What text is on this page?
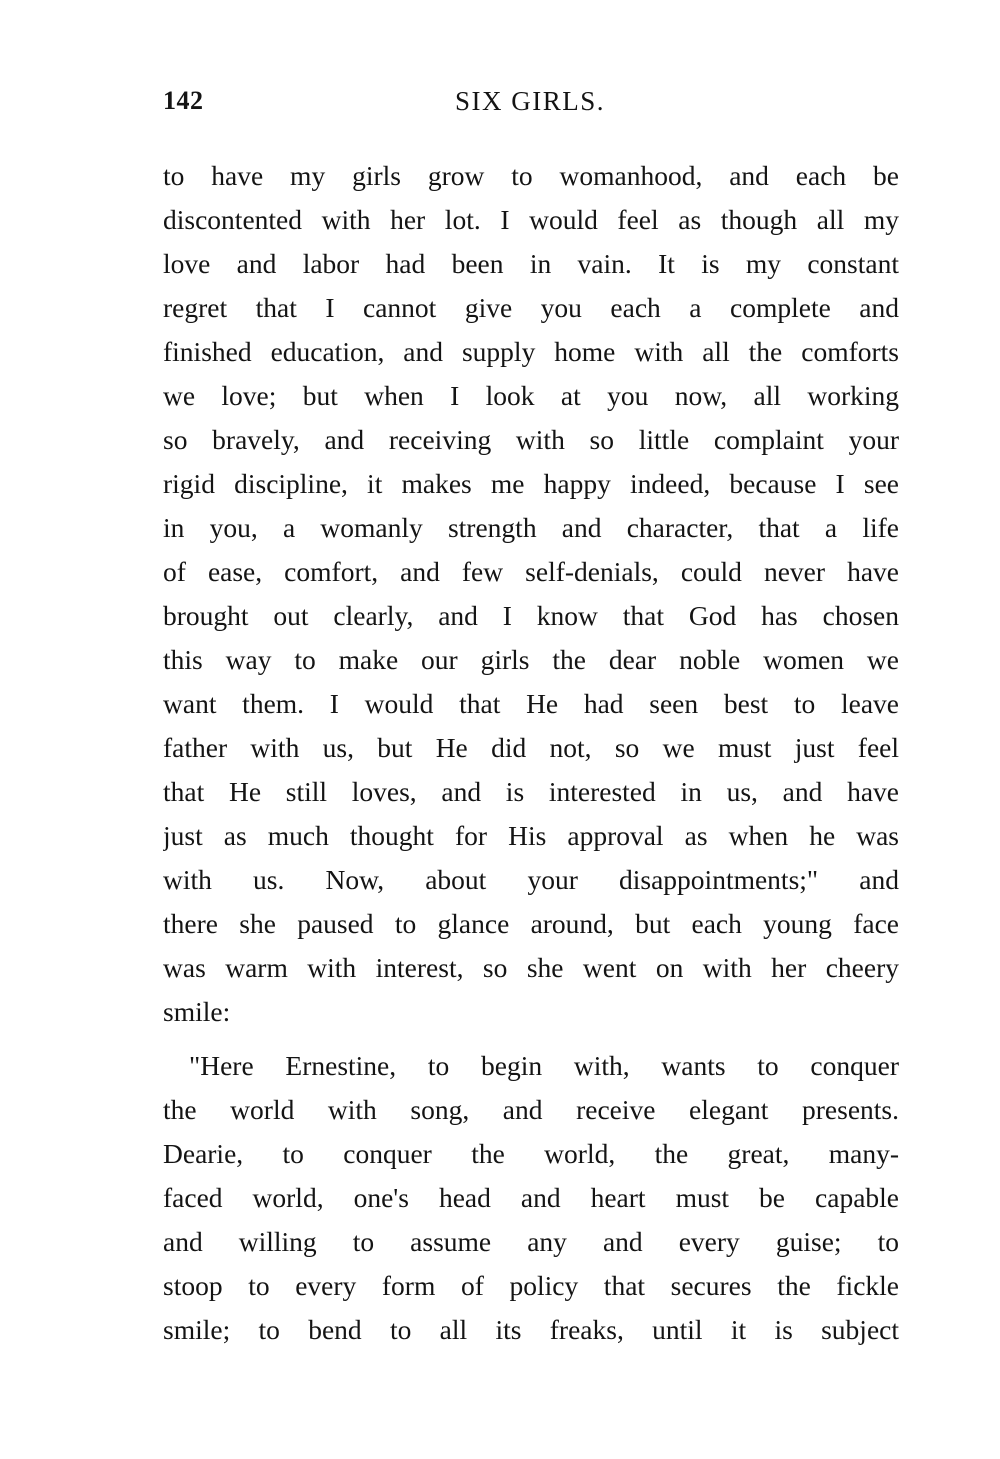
142	SIX GIRLS.
to have my girls grow to womanhood, and each be
discontented with her lot. I would feel as though all my
love and labor had been in vain. It is my constant
regret that I cannot give you each a complete and
finished education, and supply home with all the comforts
we love; but when I look at you now, all working
so bravely, and receiving with so little complaint your
rigid discipline, it makes me happy indeed, because I see
in you, a womanly strength and character, that a life
of ease, comfort, and few self-denials, could never have
brought out clearly, and I know that God has chosen
this way to make our girls the dear noble women we
want them. I would that He had seen best to leave
father with us, but He did not, so we must just feel
that He still loves, and is interested in us, and have
just as much thought for His approval as when he was
with us. Now, about your disappointments;" and
there she paused to glance around, but each young face
was warm with interest, so she went on with her cheery
smile:
"Here Ernestine, to begin with, wants to conquer
the world with song, and receive elegant presents.
Dearie, to conquer the world, the great, many-
faced world, one's head and heart must be capable
and willing to assume any and every guise; to
stoop to every form of policy that secures the fickle
smile; to bend to all its freaks, until it is subject
